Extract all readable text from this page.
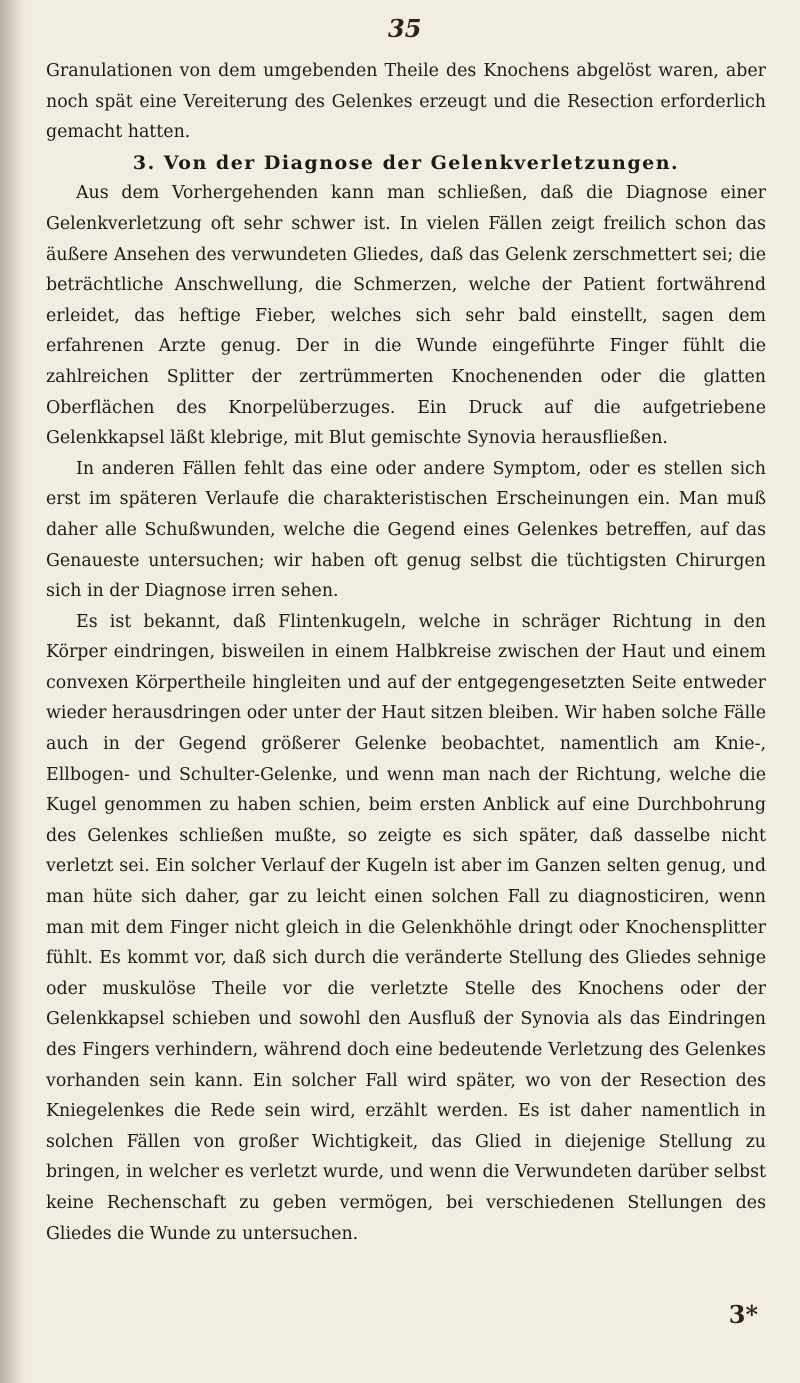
35

Granulationen von dem umgebenden Theile des Knochens abgelöst waren, aber noch spät eine Vereiterung des Gelenkes erzeugt und die Resection erforderlich gemacht hatten.

3. Von der Diagnose der Gelenkverletzungen.

Aus dem Vorhergehenden kann man schließen, daß die Diagnose einer Gelenkverletzung oft sehr schwer ist. In vielen Fällen zeigt freilich schon das äußere Ansehen des verwundeten Gliedes, daß das Gelenk zerschmettert sei; die beträchtliche Anschwellung, die Schmerzen, welche der Patient fortwährend erleidet, das heftige Fieber, welches sich sehr bald einstellt, sagen dem erfahrenen Arzte genug. Der in die Wunde eingeführte Finger fühlt die zahlreichen Splitter der zertrümmerten Knochenenden oder die glatten Oberflächen des Knorpelüberzuges. Ein Druck auf die aufgetriebene Gelenkkapsel läßt klebrige, mit Blut gemischte Synovia herausfließen.

In anderen Fällen fehlt das eine oder andere Symptom, oder es stellen sich erst im späteren Verlaufe die charakteristischen Erscheinungen ein. Man muß daher alle Schußwunden, welche die Gegend eines Gelenkes betreffen, auf das Genaueste untersuchen; wir haben oft genug selbst die tüchtigsten Chirurgen sich in der Diagnose irren sehen.

Es ist bekannt, daß Flintenkugeln, welche in schräger Richtung in den Körper eindringen, bisweilen in einem Halbkreise zwischen der Haut und einem convexen Körpertheile hingleiten und auf der entgegengesetzten Seite entweder wieder herausdringen oder unter der Haut sitzen bleiben. Wir haben solche Fälle auch in der Gegend größerer Gelenke beobachtet, namentlich am Knie-, Ellbogen- und Schulter-Gelenke, und wenn man nach der Richtung, welche die Kugel genommen zu haben schien, beim ersten Anblick auf eine Durchbohrung des Gelenkes schließen mußte, so zeigte es sich später, daß dasselbe nicht verletzt sei. Ein solcher Verlauf der Kugeln ist aber im Ganzen selten genug, und man hüte sich daher, gar zu leicht einen solchen Fall zu diagnosticiren, wenn man mit dem Finger nicht gleich in die Gelenkhöhle dringt oder Knochensplitter fühlt. Es kommt vor, daß sich durch die veränderte Stellung des Gliedes sehnige oder muskulöse Theile vor die verletzte Stelle des Knochens oder der Gelenkkapsel schieben und sowohl den Ausfluß der Synovia als das Eindringen des Fingers verhindern, während doch eine bedeutende Verletzung des Gelenkes vorhanden sein kann. Ein solcher Fall wird später, wo von der Resection des Kniegelenkes die Rede sein wird, erzählt werden. Es ist daher namentlich in solchen Fällen von großer Wichtigkeit, das Glied in diejenige Stellung zu bringen, in welcher es verletzt wurde, und wenn die Verwundeten darüber selbst keine Rechenschaft zu geben vermögen, bei verschiedenen Stellungen des Gliedes die Wunde zu untersuchen.

3*
